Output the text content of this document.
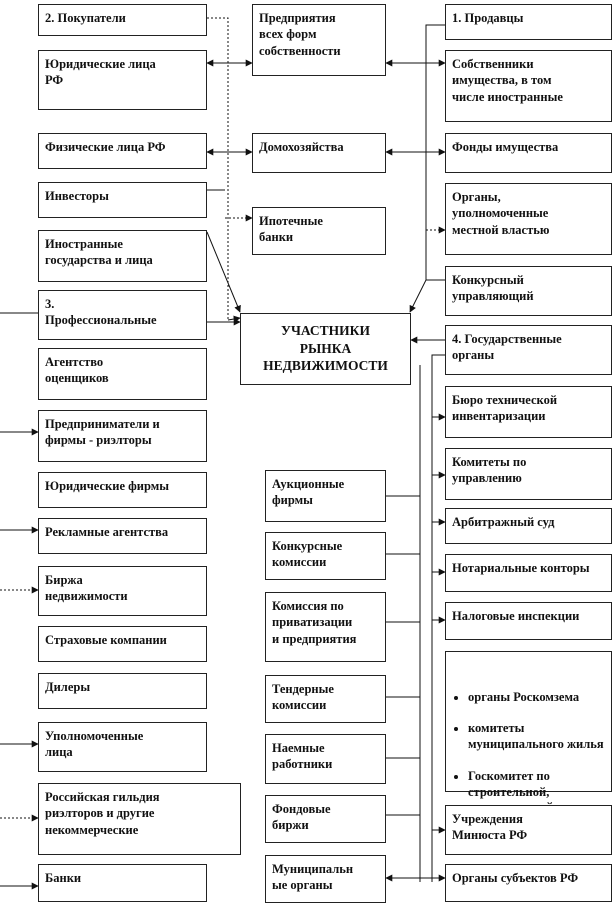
2. Покупатели
Юридические лица
РФ
Физические лица РФ
Инвесторы
Иностранные
государства и лица
3.
Профессиональные
Агентство
оценщиков
Предприниматели и
фирмы - риэлторы
Юридические фирмы
Рекламные агентства
Биржа
недвижимости
Страховые компании
Дилеры
Уполномоченные
лица
Российская гильдия
риэлторов и другие
некоммерческие
Банки
Предприятия
всех форм
собственности
Домохозяйства
Ипотечные
банки
УЧАСТНИКИ
РЫНКА
НЕДВИЖИМОСТИ
Аукционные
фирмы
Конкурсные
комиссии
Комиссия по
приватизации
и предприятия
Тендерные
комиссии
Наемные
работники
Фондовые
биржи
Муниципальн
ые органы
1. Продавцы
Собственники
имущества, в том
числе иностранные
Фонды имущества
Органы,
уполномоченные
местной властью
Конкурсный
управляющий
4. Государственные
органы
Бюро технической
инвентаризации
Комитеты по
управлению
Арбитражный суд
Нотариальные конторы
Налоговые инспекции

• органы Роскомзема

• комитеты муниципального жилья

• Госкомитет по строительной,

Учреждения
Минюста РФ
Органы субъектов РФ
